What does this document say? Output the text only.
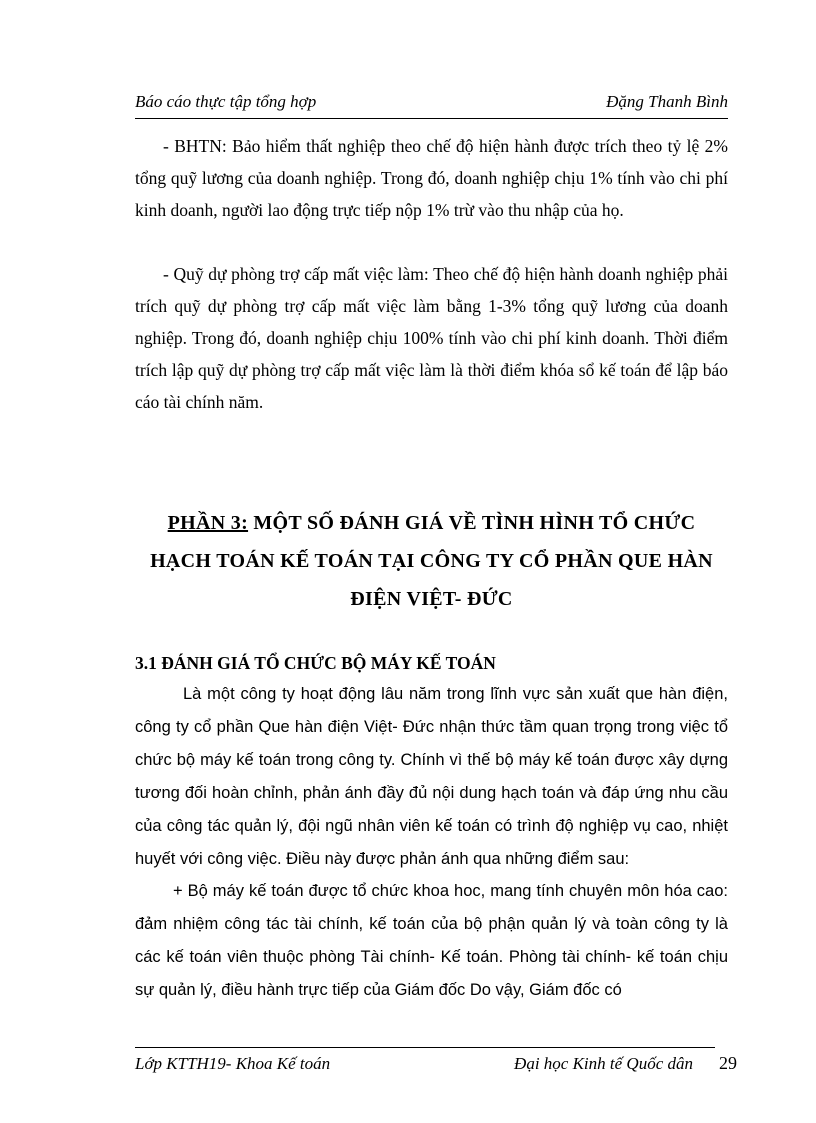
Báo cáo thực tập tổng hợp	Đặng Thanh Bình

- BHTN: Bảo hiểm thất nghiệp theo chế độ hiện hành được trích theo tỷ lệ 2% tổng quỹ lương của doanh nghiệp. Trong đó, doanh nghiệp chịu 1% tính vào chi phí kinh doanh, người lao động trực tiếp nộp 1% trừ vào thu nhập của họ.

- Quỹ dự phòng trợ cấp mất việc làm: Theo chế độ hiện hành doanh nghiệp phải trích quỹ dự phòng trợ cấp mất việc làm bằng 1-3% tổng quỹ lương của doanh nghiệp. Trong đó, doanh nghiệp chịu 100% tính vào chi phí kinh doanh. Thời điểm trích lập quỹ dự phòng trợ cấp mất việc làm là thời điểm khóa sổ kế toán để lập báo cáo tài chính năm.

PHẦN 3: MỘT SỐ ĐÁNH GIÁ VỀ TÌNH HÌNH TỔ CHỨC HẠCH TOÁN KẾ TOÁN TẠI CÔNG TY CỔ PHẦN QUE HÀN ĐIỆN VIỆT- ĐỨC
3.1 ĐÁNH GIÁ TỔ CHỨC BỘ MÁY KẾ TOÁN

Là một công ty hoạt động lâu năm trong lĩnh vực sản xuất que hàn điện, công ty cổ phần Que hàn điện Việt- Đức nhận thức tầm quan trọng trong việc tổ chức bộ máy kế toán trong công ty. Chính vì thế bộ máy kế toán được xây dựng tương đối hoàn chỉnh, phản ánh đầy đủ nội dung hạch toán và đáp ứng nhu cầu của công tác quản lý, đội ngũ nhân viên kế toán có trình độ nghiệp vụ cao, nhiệt huyết với công việc. Điều này được phản ánh qua những điểm sau:

+ Bộ máy kế toán được tổ chức khoa hoc, mang tính chuyên môn hóa cao: đảm nhiệm công tác tài chính, kế toán của bộ phận quản lý và toàn công ty là các kế toán viên thuộc phòng Tài chính- Kế toán. Phòng tài chính- kế toán chịu sự quản lý, điều hành trực tiếp của Giám đốc Do vậy, Giám đốc có

Lớp KTTH19- Khoa Kế toán	Đại học Kinh tế Quốc dân 29
